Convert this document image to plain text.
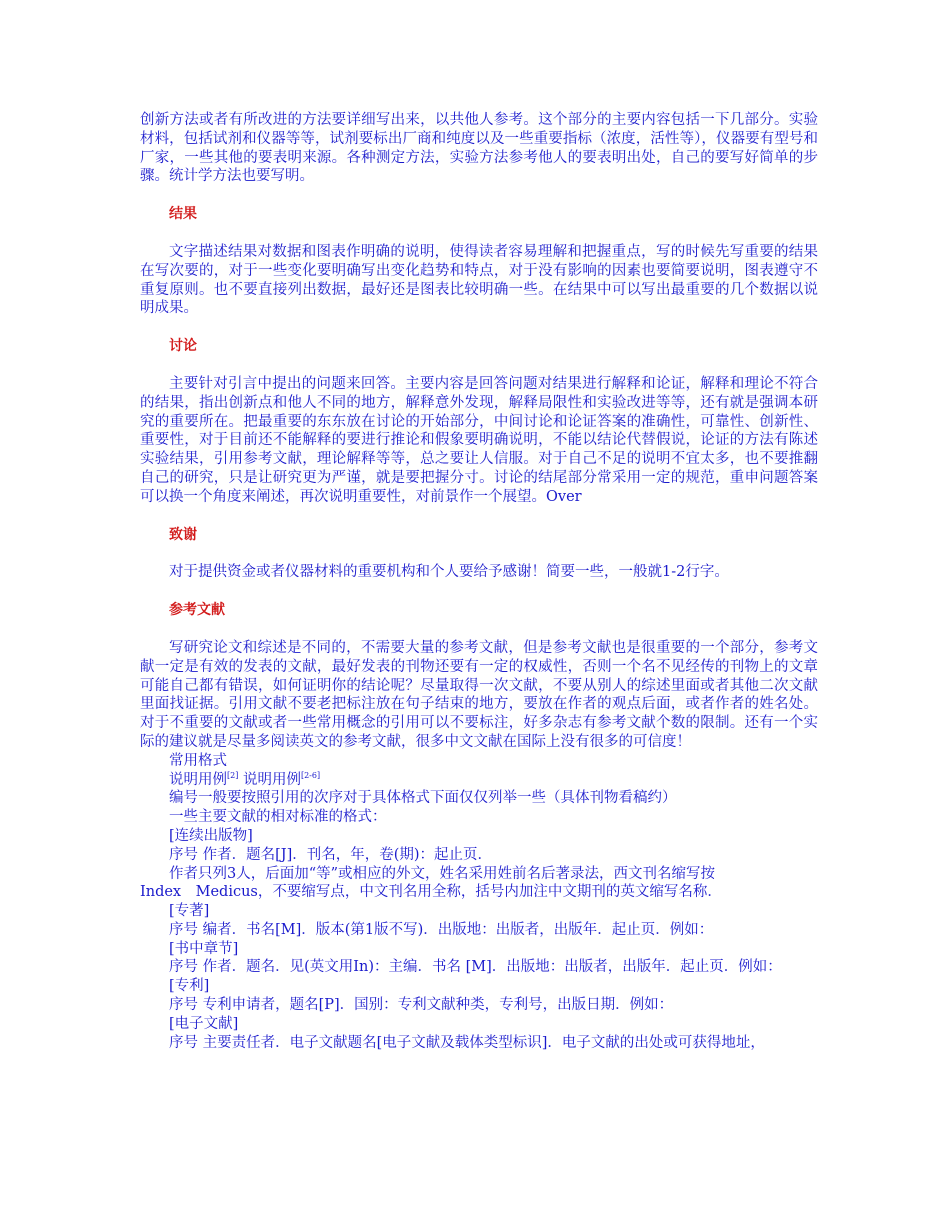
创新方法或者有所改进的方法要详细写出来，以共他人参考。这个部分的主要内容包括一下几部分。实验材料，包括试剂和仪器等等，试剂要标出厂商和纯度以及一些重要指标（浓度，活性等），仪器要有型号和厂家，一些其他的要表明来源。各种测定方法，实验方法参考他人的要表明出处，自己的要写好简单的步骤。统计学方法也要写明。

结果

文字描述结果对数据和图表作明确的说明，使得读者容易理解和把握重点，写的时候先写重要的结果在写次要的，对于一些变化要明确写出变化趋势和特点，对于没有影响的因素也要简要说明，图表遵守不重复原则。也不要直接列出数据，最好还是图表比较明确一些。在结果中可以写出最重要的几个数据以说明成果。

讨论

主要针对引言中提出的问题来回答。主要内容是回答问题对结果进行解释和论证，解释和理论不符合的结果，指出创新点和他人不同的地方，解释意外发现，解释局限性和实验改进等等，还有就是强调本研究的重要所在。把最重要的东东放在讨论的开始部分，中间讨论和论证答案的准确性，可靠性、创新性、重要性，对于目前还不能解释的要进行推论和假象要明确说明，不能以结论代替假说，论证的方法有陈述实验结果，引用参考文献，理论解释等等，总之要让人信服。对于自己不足的说明不宜太多，也不要推翻自己的研究，只是让研究更为严谨，就是要把握分寸。讨论的结尾部分常采用一定的规范，重申问题答案可以换一个角度来阐述，再次说明重要性，对前景作一个展望。Over

致谢

对于提供资金或者仪器材料的重要机构和个人要给予感谢！简要一些，一般就1-2行字。

参考文献

写研究论文和综述是不同的，不需要大量的参考文献，但是参考文献也是很重要的一个部分，参考文献一定是有效的发表的文献，最好发表的刊物还要有一定的权威性，否则一个名不见经传的刊物上的文章可能自己都有错误，如何证明你的结论呢？尽量取得一次文献，不要从别人的综述里面或者其他二次文献里面找证据。引用文献不要老把标注放在句子结束的地方，要放在作者的观点后面，或者作者的姓名处。对于不重要的文献或者一些常用概念的引用可以不要标注，好多杂志有参考文献个数的限制。还有一个实际的建议就是尽量多阅读英文的参考文献，很多中文文献在国际上没有很多的可信度！

常用格式

说明用例[2] 说明用例[2-6]

编号一般要按照引用的次序对于具体格式下面仅仅列举一些（具体刊物看稿约）

一些主要文献的相对标准的格式：

[连续出版物]

序号 作者．题名[J]．刊名，年，卷(期)：起止页．

作者只列3人，后面加“等”或相应的外文，姓名采用姓前名后著录法，西文刊名缩写按

Index　Medicus，不要缩写点，中文刊名用全称，括号内加注中文期刊的英文缩写名称．

[专著]

序号 编者．书名[M]．版本(第1版不写)．出版地：出版者，出版年．起止页．例如：

[书中章节]

序号 作者．题名．见(英文用In)：主编．书名 [M]．出版地：出版者，出版年．起止页．例如：

[专利]

序号 专利申请者，题名[P]．国别：专利文献种类，专利号，出版日期．例如：

[电子文献]

序号 主要责任者．电子文献题名[电子文献及载体类型标识]．电子文献的出处或可获得地址，
